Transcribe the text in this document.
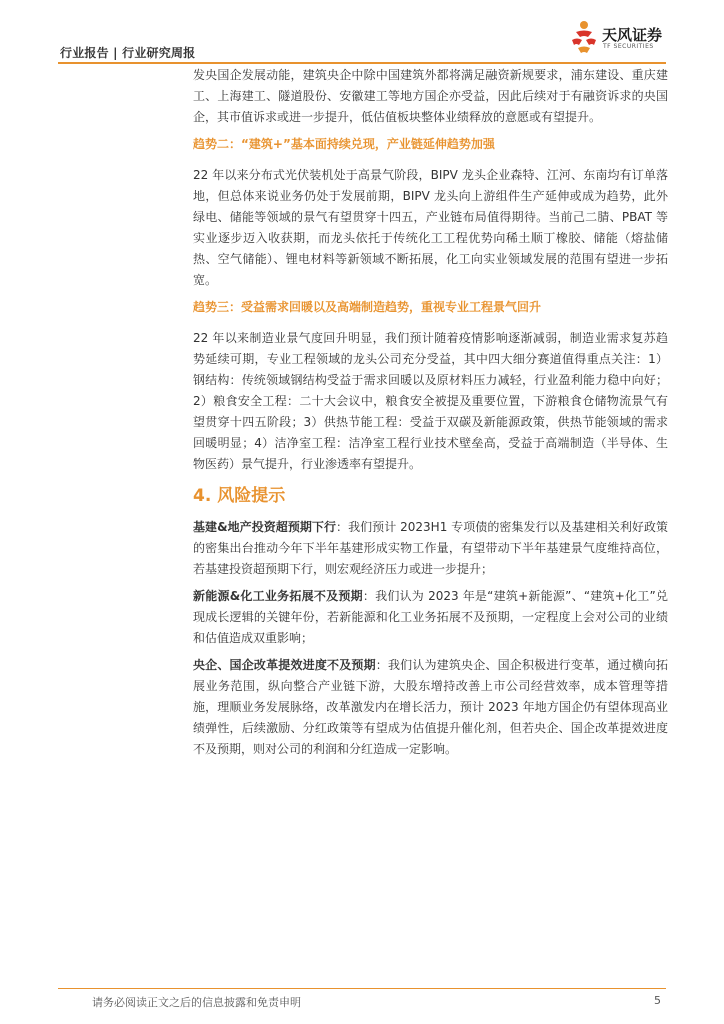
行业报告 | 行业研究周报
天风证券
TF SECURITIES

发央国企发展动能，建筑央企中除中国建筑外都将满足融资新规要求，浦东建设、重庆建工、上海建工、隧道股份、安徽建工等地方国企亦受益，因此后续对于有融资诉求的央国企，其市值诉求或进一步提升，低估值板块整体业绩释放的意愿或有望提升。

趋势二：“建筑+”基本面持续兑现，产业链延伸趋势加强

22 年以来分布式光伏装机处于高景气阶段，BIPV 龙头企业森特、江河、东南均有订单落地，但总体来说业务仍处于发展前期，BIPV 龙头向上游组件生产延伸或成为趋势，此外绿电、储能等领域的景气有望贯穿十四五，产业链布局值得期待。当前己二腈、PBAT 等实业逐步迈入收获期，而龙头依托于传统化工工程优势向稀土顺丁橡胶、储能（熔盐储热、空气储能）、锂电材料等新领域不断拓展，化工向实业领域发展的范围有望进一步拓宽。

趋势三：受益需求回暖以及高端制造趋势，重视专业工程景气回升

22 年以来制造业景气度回升明显，我们预计随着疫情影响逐渐减弱，制造业需求复苏趋势延续可期，专业工程领域的龙头公司充分受益，其中四大细分赛道值得重点关注：1）钢结构：传统领域钢结构受益于需求回暖以及原材料压力减轻，行业盈利能力稳中向好；2）粮食安全工程：二十大会议中，粮食安全被提及重要位置，下游粮食仓储物流景气有望贯穿十四五阶段；3）供热节能工程：受益于双碳及新能源政策，供热节能领域的需求回暖明显；4）洁净室工程：洁净室工程行业技术壁垒高，受益于高端制造（半导体、生物医药）景气提升，行业渗透率有望提升。

4. 风险提示

基建&地产投资超预期下行：我们预计 2023H1 专项债的密集发行以及基建相关利好政策的密集出台推动今年下半年基建形成实物工作量，有望带动下半年基建景气度维持高位，若基建投资超预期下行，则宏观经济压力或进一步提升；

新能源&化工业务拓展不及预期：我们认为 2023 年是“建筑+新能源”、“建筑+化工”兑现成长逻辑的关键年份，若新能源和化工业务拓展不及预期，一定程度上会对公司的业绩和估值造成双重影响；

央企、国企改革提效进度不及预期：我们认为建筑央企、国企积极进行变革，通过横向拓展业务范围，纵向整合产业链下游，大股东增持改善上市公司经营效率，成本管理等措施，理顺业务发展脉络，改革激发内在增长活力，预计 2023 年地方国企仍有望体现高业绩弹性，后续激励、分红政策等有望成为估值提升催化剂，但若央企、国企改革提效进度不及预期，则对公司的利润和分红造成一定影响。

请务必阅读正文之后的信息披露和免责申明	5
